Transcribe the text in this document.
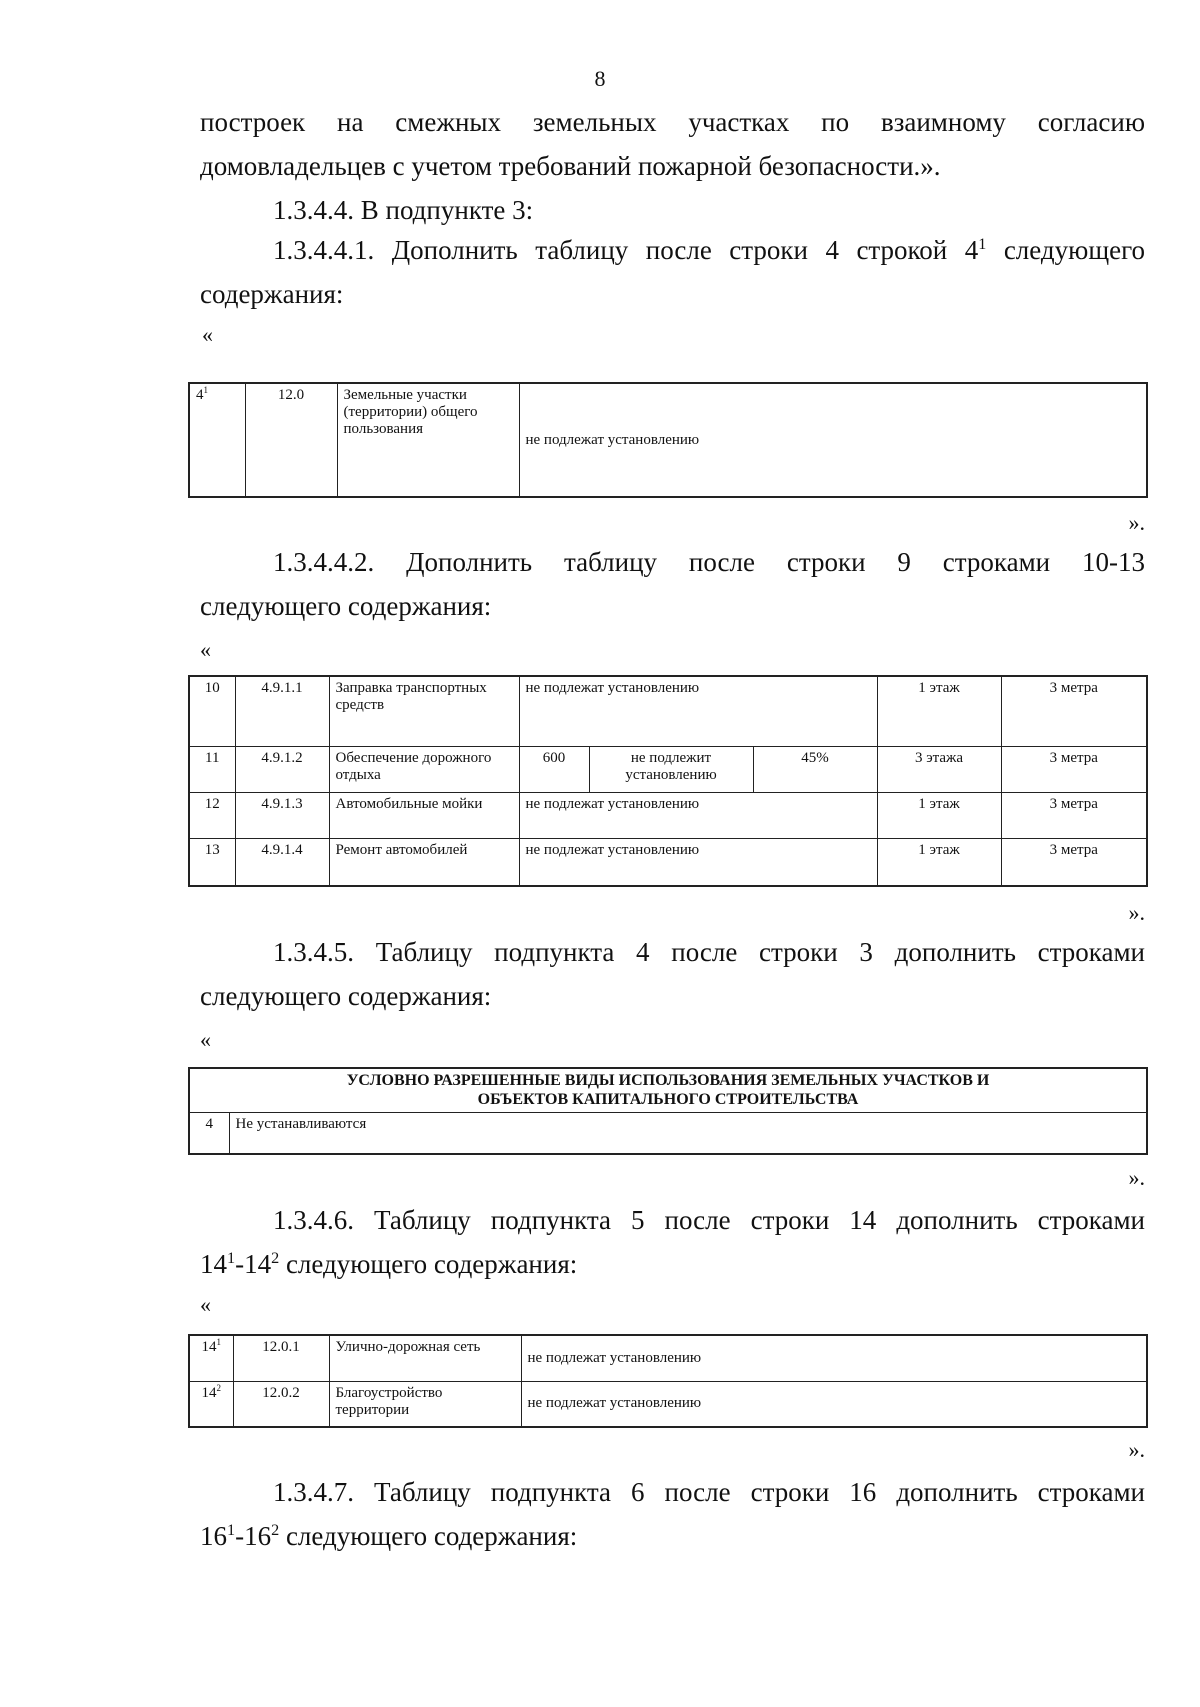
8

построек на смежных земельных участках по взаимному согласию

домовладельцев с учетом требований пожарной безопасности.».

1.3.4.4. В подпункте 3:

1.3.4.4.1. Дополнить таблицу после строки 4 строкой $4^1$ следующего

содержания:

«
$4^1$	12.0	Земельные участки (территории) общего пользования	не подлежат установлению
».

1.3.4.4.2. Дополнить таблицу после строки 9 строками 10-13

следующего содержания:

«
10	4.9.1.1	Заправка транспортных средств	не подлежат установлению			1 этаж	3 метра
11	4.9.1.2	Обеспечение дорожного отдыха	600	не подлежит установлению	45%	3 этажа	3 метра
12	4.9.1.3	Автомобильные мойки	не подлежат установлению			1 этаж	3 метра
13	4.9.1.4	Ремонт автомобилей	не подлежат установлению			1 этаж	3 метра
».

1.3.4.5. Таблицу подпункта 4 после строки 3 дополнить строками

следующего содержания:

«
УСЛОВНО РАЗРЕШЕННЫЕ ВИДЫ ИСПОЛЬЗОВАНИЯ ЗЕМЕЛЬНЫХ УЧАСТКОВ И
ОБЪЕКТОВ КАПИТАЛЬНОГО СТРОИТЕЛЬСТВА
4	Не устанавливаются
».

1.3.4.6. Таблицу подпункта 5 после строки 14 дополнить строками

$14^1-14^2$ следующего содержания:

«
$14^1$	12.0.1	Улично-дорожная сеть	не подлежат установлению
$14^2$	12.0.2	Благоустройство территории	не подлежат установлению
».

1.3.4.7. Таблицу подпункта 6 после строки 16 дополнить строками

$16^1-16^2$ следующего содержания:
